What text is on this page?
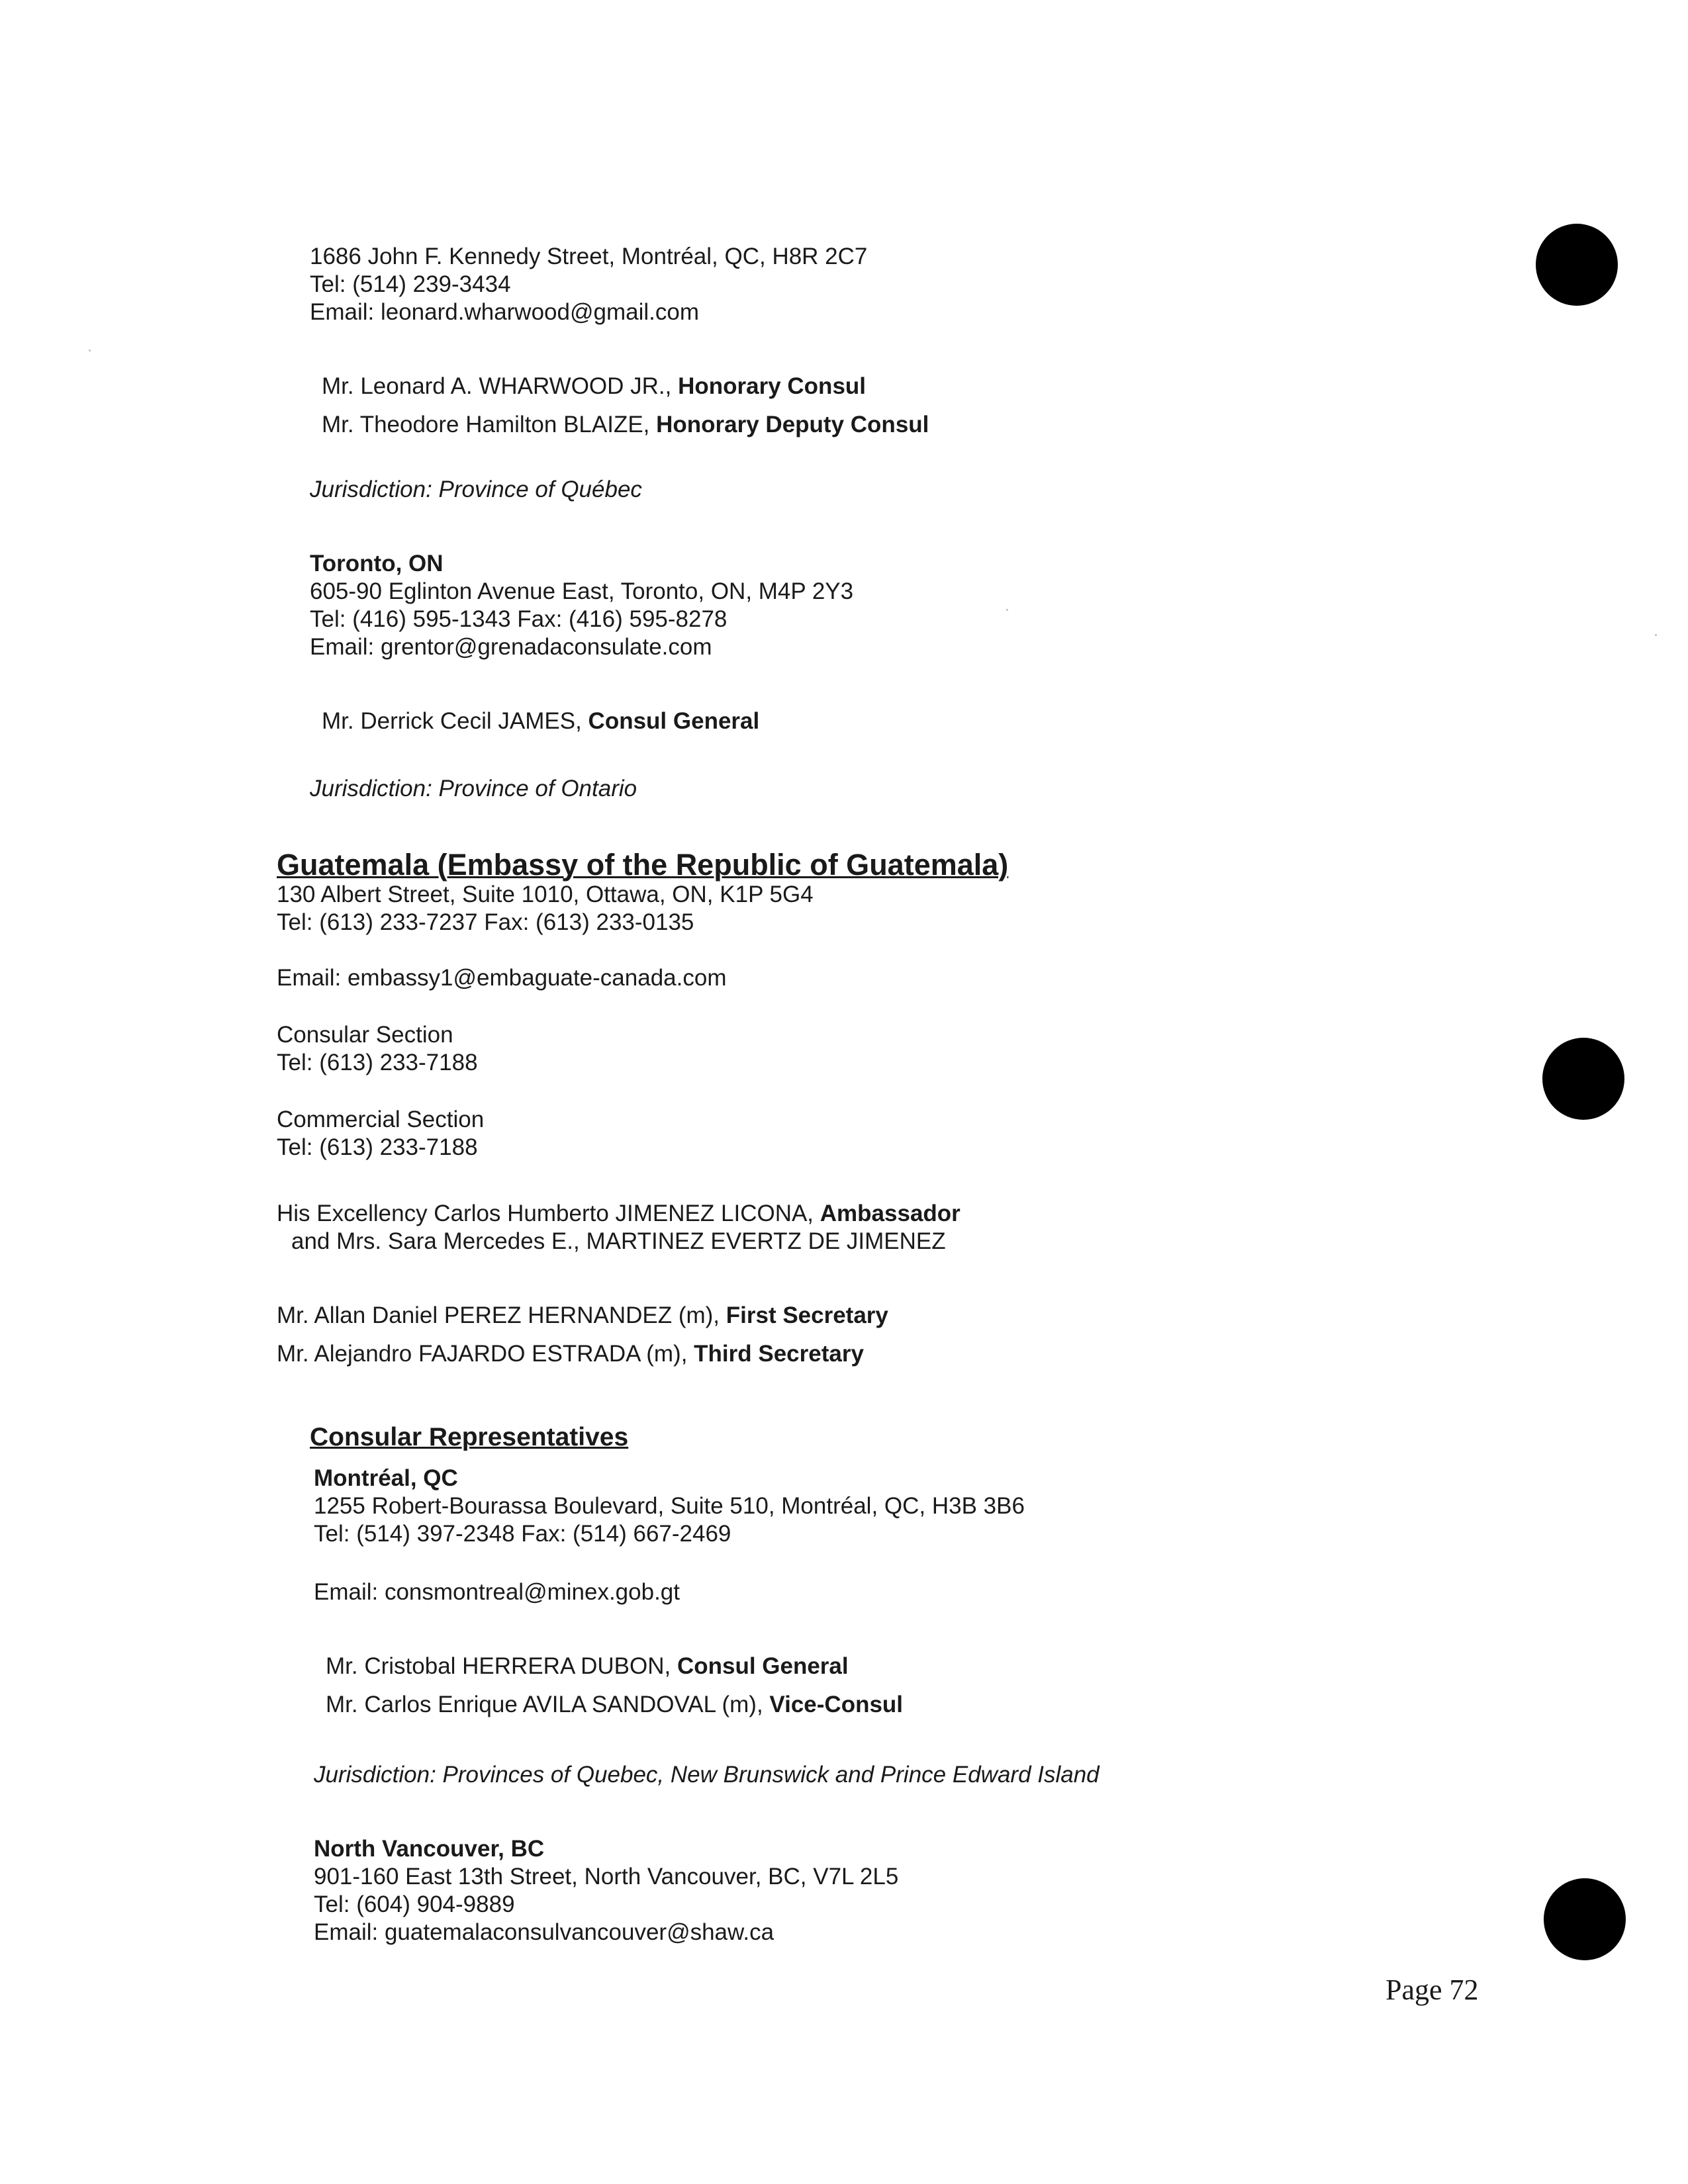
1686 John F. Kennedy Street, Montréal, QC, H8R 2C7
Tel: (514) 239-3434
Email: leonard.wharwood@gmail.com
Mr. Leonard A. WHARWOOD JR., Honorary Consul
Mr. Theodore Hamilton BLAIZE, Honorary Deputy Consul
Jurisdiction: Province of Québec
Toronto, ON
605-90 Eglinton Avenue East, Toronto, ON, M4P 2Y3
Tel: (416) 595-1343 Fax: (416) 595-8278
Email: grentor@grenadaconsulate.com
Mr. Derrick Cecil JAMES, Consul General
Jurisdiction: Province of Ontario
Guatemala (Embassy of the Republic of Guatemala)
130 Albert Street, Suite 1010, Ottawa, ON, K1P 5G4
Tel: (613) 233-7237 Fax: (613) 233-0135
Email: embassy1@embaguate-canada.com
Consular Section
Tel: (613) 233-7188
Commercial Section
Tel: (613) 233-7188
His Excellency Carlos Humberto JIMENEZ LICONA, Ambassador
and Mrs. Sara Mercedes E., MARTINEZ EVERTZ DE JIMENEZ
Mr. Allan Daniel PEREZ HERNANDEZ (m), First Secretary
Mr. Alejandro FAJARDO ESTRADA (m), Third Secretary
Consular Representatives
Montréal, QC
1255 Robert-Bourassa Boulevard, Suite 510, Montréal, QC, H3B 3B6
Tel: (514) 397-2348 Fax: (514) 667-2469
Email: consmontreal@minex.gob.gt
Mr. Cristobal HERRERA DUBON, Consul General
Mr. Carlos Enrique AVILA SANDOVAL (m), Vice-Consul
Jurisdiction: Provinces of Quebec, New Brunswick and Prince Edward Island
North Vancouver, BC
901-160 East 13th Street, North Vancouver, BC, V7L 2L5
Tel: (604) 904-9889
Email: guatemalaconsulvancouver@shaw.ca
Page 72
